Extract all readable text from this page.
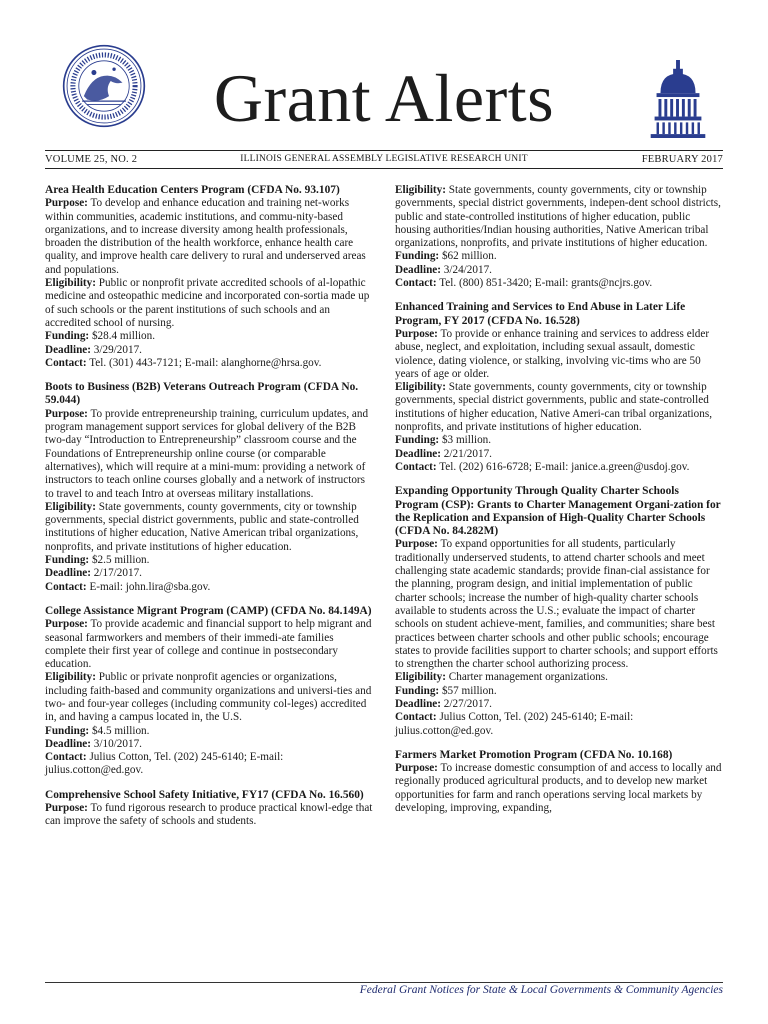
Grant Alerts
VOLUME 25, NO. 2	ILLINOIS GENERAL ASSEMBLY LEGISLATIVE RESEARCH UNIT	FEBRUARY 2017
Area Health Education Centers Program (CFDA No. 93.107)
Purpose: To develop and enhance education and training net-works within communities, academic institutions, and commu-nity-based organizations, and to increase diversity among health professionals, broaden the distribution of the health workforce, enhance health care quality, and improve health care delivery to rural and underserved areas and populations.
Eligibility: Public or nonprofit private accredited schools of al-lopathic medicine and osteopathic medicine and incorporated con-sortia made up of such schools or the parent institutions of such schools and an accredited school of nursing.
Funding: $28.4 million.
Deadline: 3/29/2017.
Contact: Tel. (301) 443-7121; E-mail: alanghorne@hrsa.gov.
Boots to Business (B2B) Veterans Outreach Program (CFDA No. 59.044)
Purpose: To provide entrepreneurship training, curriculum updates, and program management support services for global delivery of the B2B two-day “Introduction to Entrepreneurship” classroom course and the Foundations of Entrepreneurship online course (or comparable alternatives), which will require at a mini-mum: providing a network of instructors to teach online courses globally and a network of instructors to travel to and teach Intro at overseas military installations.
Eligibility: State governments, county governments, city or township governments, special district governments, public and state-controlled institutions of higher education, Native American tribal organizations, nonprofits, and private institutions of higher education.
Funding: $2.5 million.
Deadline: 2/17/2017.
Contact: E-mail: john.lira@sba.gov.
College Assistance Migrant Program (CAMP) (CFDA No. 84.149A)
Purpose: To provide academic and financial support to help migrant and seasonal farmworkers and members of their immedi-ate families complete their first year of college and continue in postsecondary education.
Eligibility: Public or private nonprofit agencies or organizations, including faith-based and community organizations and universi-ties and two- and four-year colleges (including community col-leges) accredited in, and having a campus located in, the U.S.
Funding: $4.5 million.
Deadline: 3/10/2017.
Contact: Julius Cotton, Tel. (202) 245-6140; E-mail: julius.cotton@ed.gov.
Comprehensive School Safety Initiative, FY17 (CFDA No. 16.560)
Purpose: To fund rigorous research to produce practical knowl-edge that can improve the safety of schools and students.
Eligibility: State governments, county governments, city or township governments, special district governments, indepen-dent school districts, public and state-controlled institutions of higher education, public housing authorities/Indian housing authorities, Native American tribal organizations, nonprofits, and private institutions of higher education.
Funding: $62 million.
Deadline: 3/24/2017.
Contact: Tel. (800) 851-3420; E-mail: grants@ncjrs.gov.
Enhanced Training and Services to End Abuse in Later Life Program, FY 2017 (CFDA No. 16.528)
Purpose: To provide or enhance training and services to address elder abuse, neglect, and exploitation, including sexual assault, domestic violence, dating violence, or stalking, involving vic-tims who are 50 years of age or older.
Eligibility: State governments, county governments, city or township governments, special district governments, public and state-controlled institutions of higher education, Native Ameri-can tribal organizations, nonprofits, and private institutions of higher education.
Funding: $3 million.
Deadline: 2/21/2017.
Contact: Tel. (202) 616-6728; E-mail: janice.a.green@usdoj.gov.
Expanding Opportunity Through Quality Charter Schools Program (CSP): Grants to Charter Management Organi-zation for the Replication and Expansion of High-Quality Charter Schools (CFDA No. 84.282M)
Purpose: To expand opportunities for all students, particularly traditionally underserved students, to attend charter schools and meet challenging state academic standards; provide finan-cial assistance for the planning, program design, and initial implementation of public charter schools; increase the number of high-quality charter schools available to students across the U.S.; evaluate the impact of charter schools on student achieve-ment, families, and communities; share best practices between charter schools and other public schools; encourage states to provide facilities support to charter schools; and support efforts to strengthen the charter school authorizing process.
Eligibility: Charter management organizations.
Funding: $57 million.
Deadline: 2/27/2017.
Contact: Julius Cotton, Tel. (202) 245-6140; E-mail: julius.cotton@ed.gov.
Farmers Market Promotion Program (CFDA No. 10.168)
Purpose: To increase domestic consumption of and access to locally and regionally produced agricultural products, and to develop new market opportunities for farm and ranch operations serving local markets by developing, improving, expanding,
Federal Grant Notices for State & Local Governments & Community Agencies
